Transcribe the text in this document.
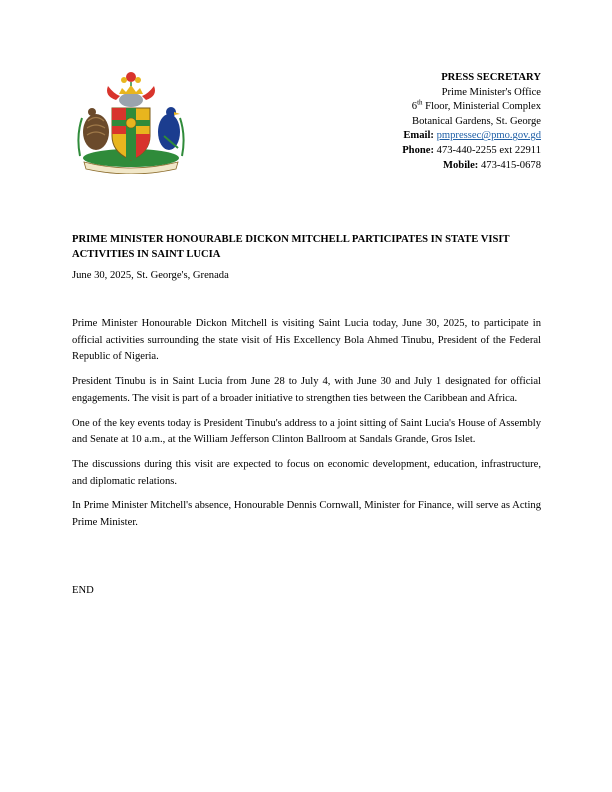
PRESS SECRETARY
Prime Minister's Office
6th Floor, Ministerial Complex
Botanical Gardens, St. George
Email: pmpressec@pmo.gov.gd
Phone: 473-440-2255 ext 22911
Mobile: 473-415-0678
PRIME MINISTER HONOURABLE DICKON MITCHELL PARTICIPATES IN STATE VISIT ACTIVITIES IN SAINT LUCIA
June 30, 2025, St. George's, Grenada

Prime Minister Honourable Dickon Mitchell is visiting Saint Lucia today, June 30, 2025, to participate in official activities surrounding the state visit of His Excellency Bola Ahmed Tinubu, President of the Federal Republic of Nigeria.

President Tinubu is in Saint Lucia from June 28 to July 4, with June 30 and July 1 designated for official engagements. The visit is part of a broader initiative to strengthen ties between the Caribbean and Africa.

One of the key events today is President Tinubu's address to a joint sitting of Saint Lucia's House of Assembly and Senate at 10 a.m., at the William Jefferson Clinton Ballroom at Sandals Grande, Gros Islet.

The discussions during this visit are expected to focus on economic development, education, infrastructure, and diplomatic relations.

In Prime Minister Mitchell's absence, Honourable Dennis Cornwall, Minister for Finance, will serve as Acting Prime Minister.

END
